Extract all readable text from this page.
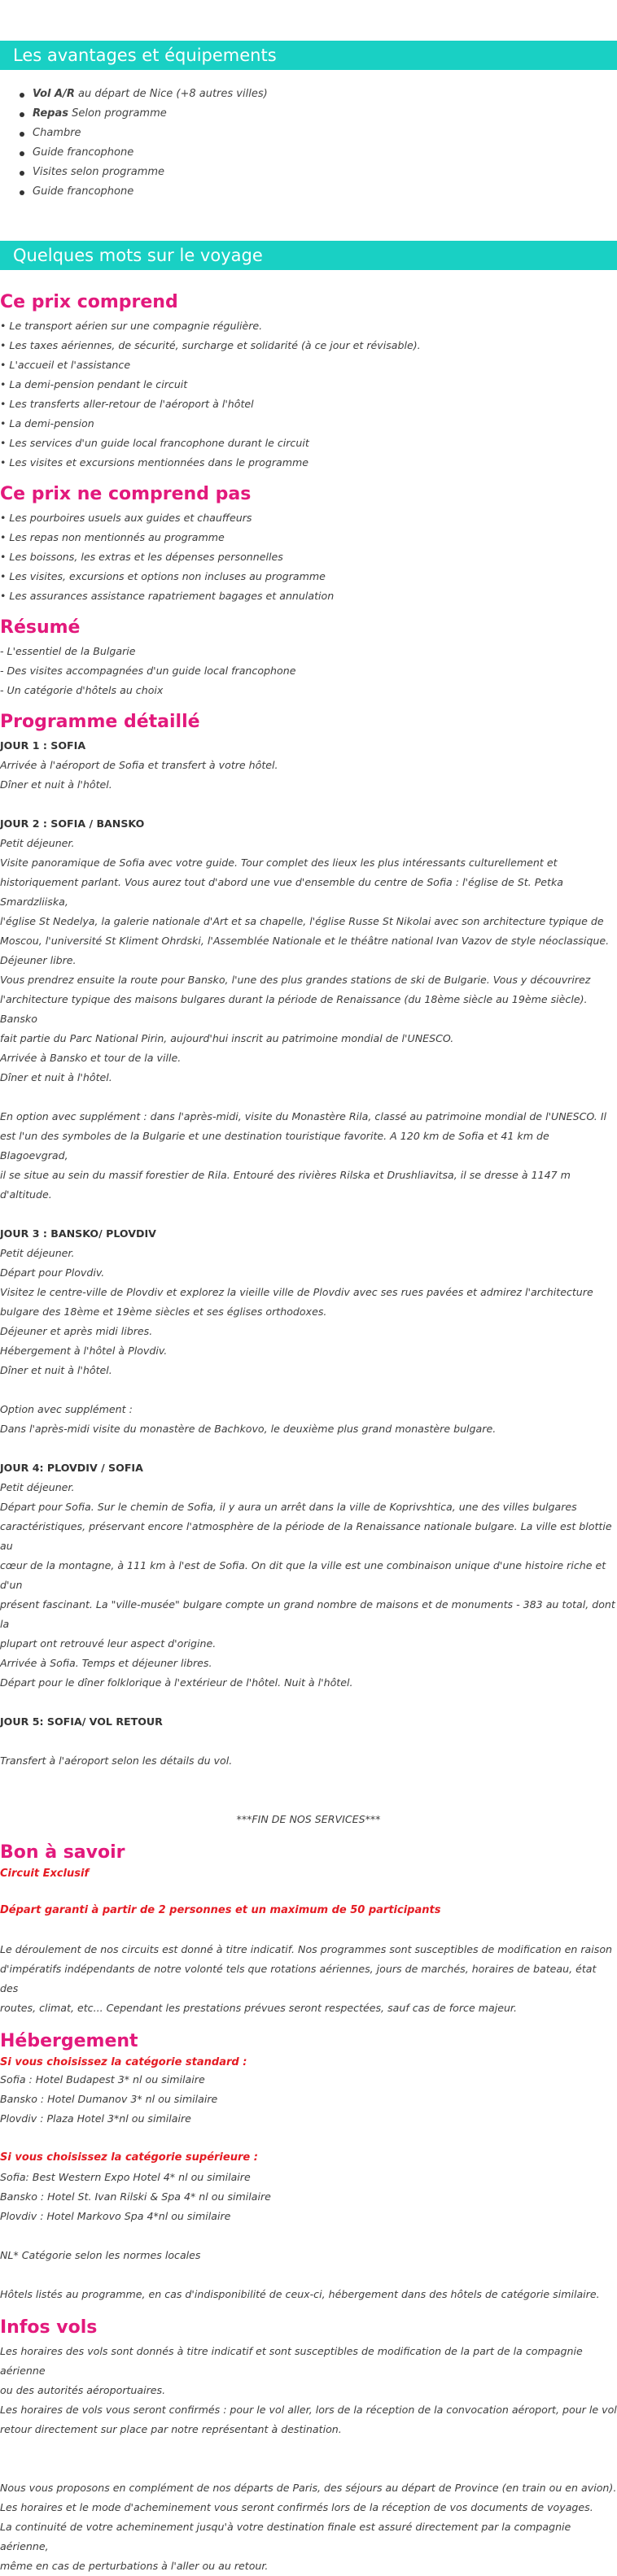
Les avantages et équipements
Vol A/R au départ de Nice (+8 autres villes)
Repas Selon programme
Chambre
Guide francophone
Visites selon programme
Guide francophone
Quelques mots sur le voyage
Ce prix comprend

• Le transport aérien sur une compagnie régulière.

• Les taxes aériennes, de sécurité, surcharge et solidarité (à ce jour et révisable).

• L'accueil et l'assistance

• La demi-pension pendant le circuit

• Les transferts aller-retour de l'aéroport à l'hôtel

• La demi-pension

• Les services d'un guide local francophone durant le circuit

• Les visites et excursions mentionnées dans le programme

Ce prix ne comprend pas

• Les pourboires usuels aux guides et chauffeurs

• Les repas non mentionnés au programme

• Les boissons, les extras et les dépenses personnelles

• Les visites, excursions et options non incluses au programme

• Les assurances assistance rapatriement bagages et annulation

Résumé

- L'essentiel de la Bulgarie

- Des visites accompagnées d'un guide local francophone

- Un catégorie d'hôtels au choix

Programme détaillé

JOUR 1 : SOFIA

Arrivée à l'aéroport de Sofia et transfert à votre hôtel.

Dîner et nuit à l'hôtel.

JOUR 2 : SOFIA / BANSKO

Petit déjeuner.

Visite panoramique de Sofia avec votre guide. Tour complet des lieux les plus intéressants culturellement et

historiquement parlant. Vous aurez tout d'abord une vue d'ensemble du centre de Sofia : l'église de St. Petka Smardzliiska,

l'église St Nedelya, la galerie nationale d'Art et sa chapelle, l'église Russe St Nikolai avec son architecture typique de

Moscou, l'université St Kliment Ohrdski, l'Assemblée Nationale et le théâtre national Ivan Vazov de style néoclassique.

Déjeuner libre.

Vous prendrez ensuite la route pour Bansko, l'une des plus grandes stations de ski de Bulgarie. Vous y découvrirez

l'architecture typique des maisons bulgares durant la période de Renaissance (du 18ème siècle au 19ème siècle). Bansko

fait partie du Parc National Pirin, aujourd'hui inscrit au patrimoine mondial de l'UNESCO.

Arrivée à Bansko et tour de la ville.

Dîner et nuit à l'hôtel.

En option avec supplément : dans l'après-midi, visite du Monastère Rila, classé au patrimoine mondial de l'UNESCO. Il

est l'un des symboles de la Bulgarie et une destination touristique favorite. A 120 km de Sofia et 41 km de Blagoevgrad,

il se situe au sein du massif forestier de Rila. Entouré des rivières Rilska et Drushliavitsa, il se dresse à 1147 m d'altitude.

JOUR 3 : BANSKO/ PLOVDIV

Petit déjeuner.

Départ pour Plovdiv.

Visitez le centre-ville de Plovdiv et explorez la vieille ville de Plovdiv avec ses rues pavées et admirez l'architecture

bulgare des 18ème et 19ème siècles et ses églises orthodoxes.

Déjeuner et après midi libres.

Hébergement à l'hôtel à Plovdiv.

Dîner et nuit à l'hôtel.

Option avec supplément :

Dans l'après-midi visite du monastère de Bachkovo, le deuxième plus grand monastère bulgare.

JOUR 4: PLOVDIV / SOFIA

Petit déjeuner.

Départ pour Sofia. Sur le chemin de Sofia, il y aura un arrêt dans la ville de Koprivshtica, une des villes bulgares

caractéristiques, préservant encore l'atmosphère de la période de la Renaissance nationale bulgare. La ville est blottie au

cœur de la montagne, à 111 km à l'est de Sofia. On dit que la ville est une combinaison unique d'une histoire riche et d'un

présent fascinant. La "ville-musée" bulgare compte un grand nombre de maisons et de monuments - 383 au total, dont la

plupart ont retrouvé leur aspect d'origine.

Arrivée à Sofia. Temps et déjeuner libres.

Départ pour le dîner folklorique à l'extérieur de l'hôtel. Nuit à l'hôtel.

JOUR 5: SOFIA/ VOL RETOUR

Transfert à l'aéroport selon les détails du vol.

***FIN DE NOS SERVICES***

Bon à savoir

Circuit Exclusif

Départ garanti à partir de 2 personnes et un maximum de 50 participants

Le déroulement de nos circuits est donné à titre indicatif. Nos programmes sont susceptibles de modification en raison

d'impératifs indépendants de notre volonté tels que rotations aériennes, jours de marchés, horaires de bateau, état des

routes, climat, etc... Cependant les prestations prévues seront respectées, sauf cas de force majeur.

Hébergement

Si vous choisissez la catégorie standard :

Sofia : Hotel Budapest 3* nl ou similaire

Bansko : Hotel Dumanov 3* nl ou similaire

Plovdiv : Plaza Hotel 3*nl ou similaire

Si vous choisissez la catégorie supérieure :

Sofia: Best Western Expo Hotel 4* nl ou similaire

Bansko : Hotel St. Ivan Rilski & Spa 4* nl ou similaire

Plovdiv : Hotel Markovo Spa 4*nl ou similaire

NL* Catégorie selon les normes locales

Hôtels listés au programme, en cas d'indisponibilité de ceux-ci, hébergement dans des hôtels de catégorie similaire.

Infos vols

Les horaires des vols sont donnés à titre indicatif et sont susceptibles de modification de la part de la compagnie aérienne

ou des autorités aéroportuaires.

Les horaires de vols vous seront confirmés : pour le vol aller, lors de la réception de la convocation aéroport, pour le vol

retour directement sur place par notre représentant à destination.

Nous vous proposons en complément de nos départs de Paris, des séjours au départ de Province (en train ou en avion).

Les horaires et le mode d'acheminement vous seront confirmés lors de la réception de vos documents de voyages.

La continuité de votre acheminement jusqu'à votre destination finale est assuré directement par la compagnie aérienne,

même en cas de perturbations à l'aller ou au retour.
